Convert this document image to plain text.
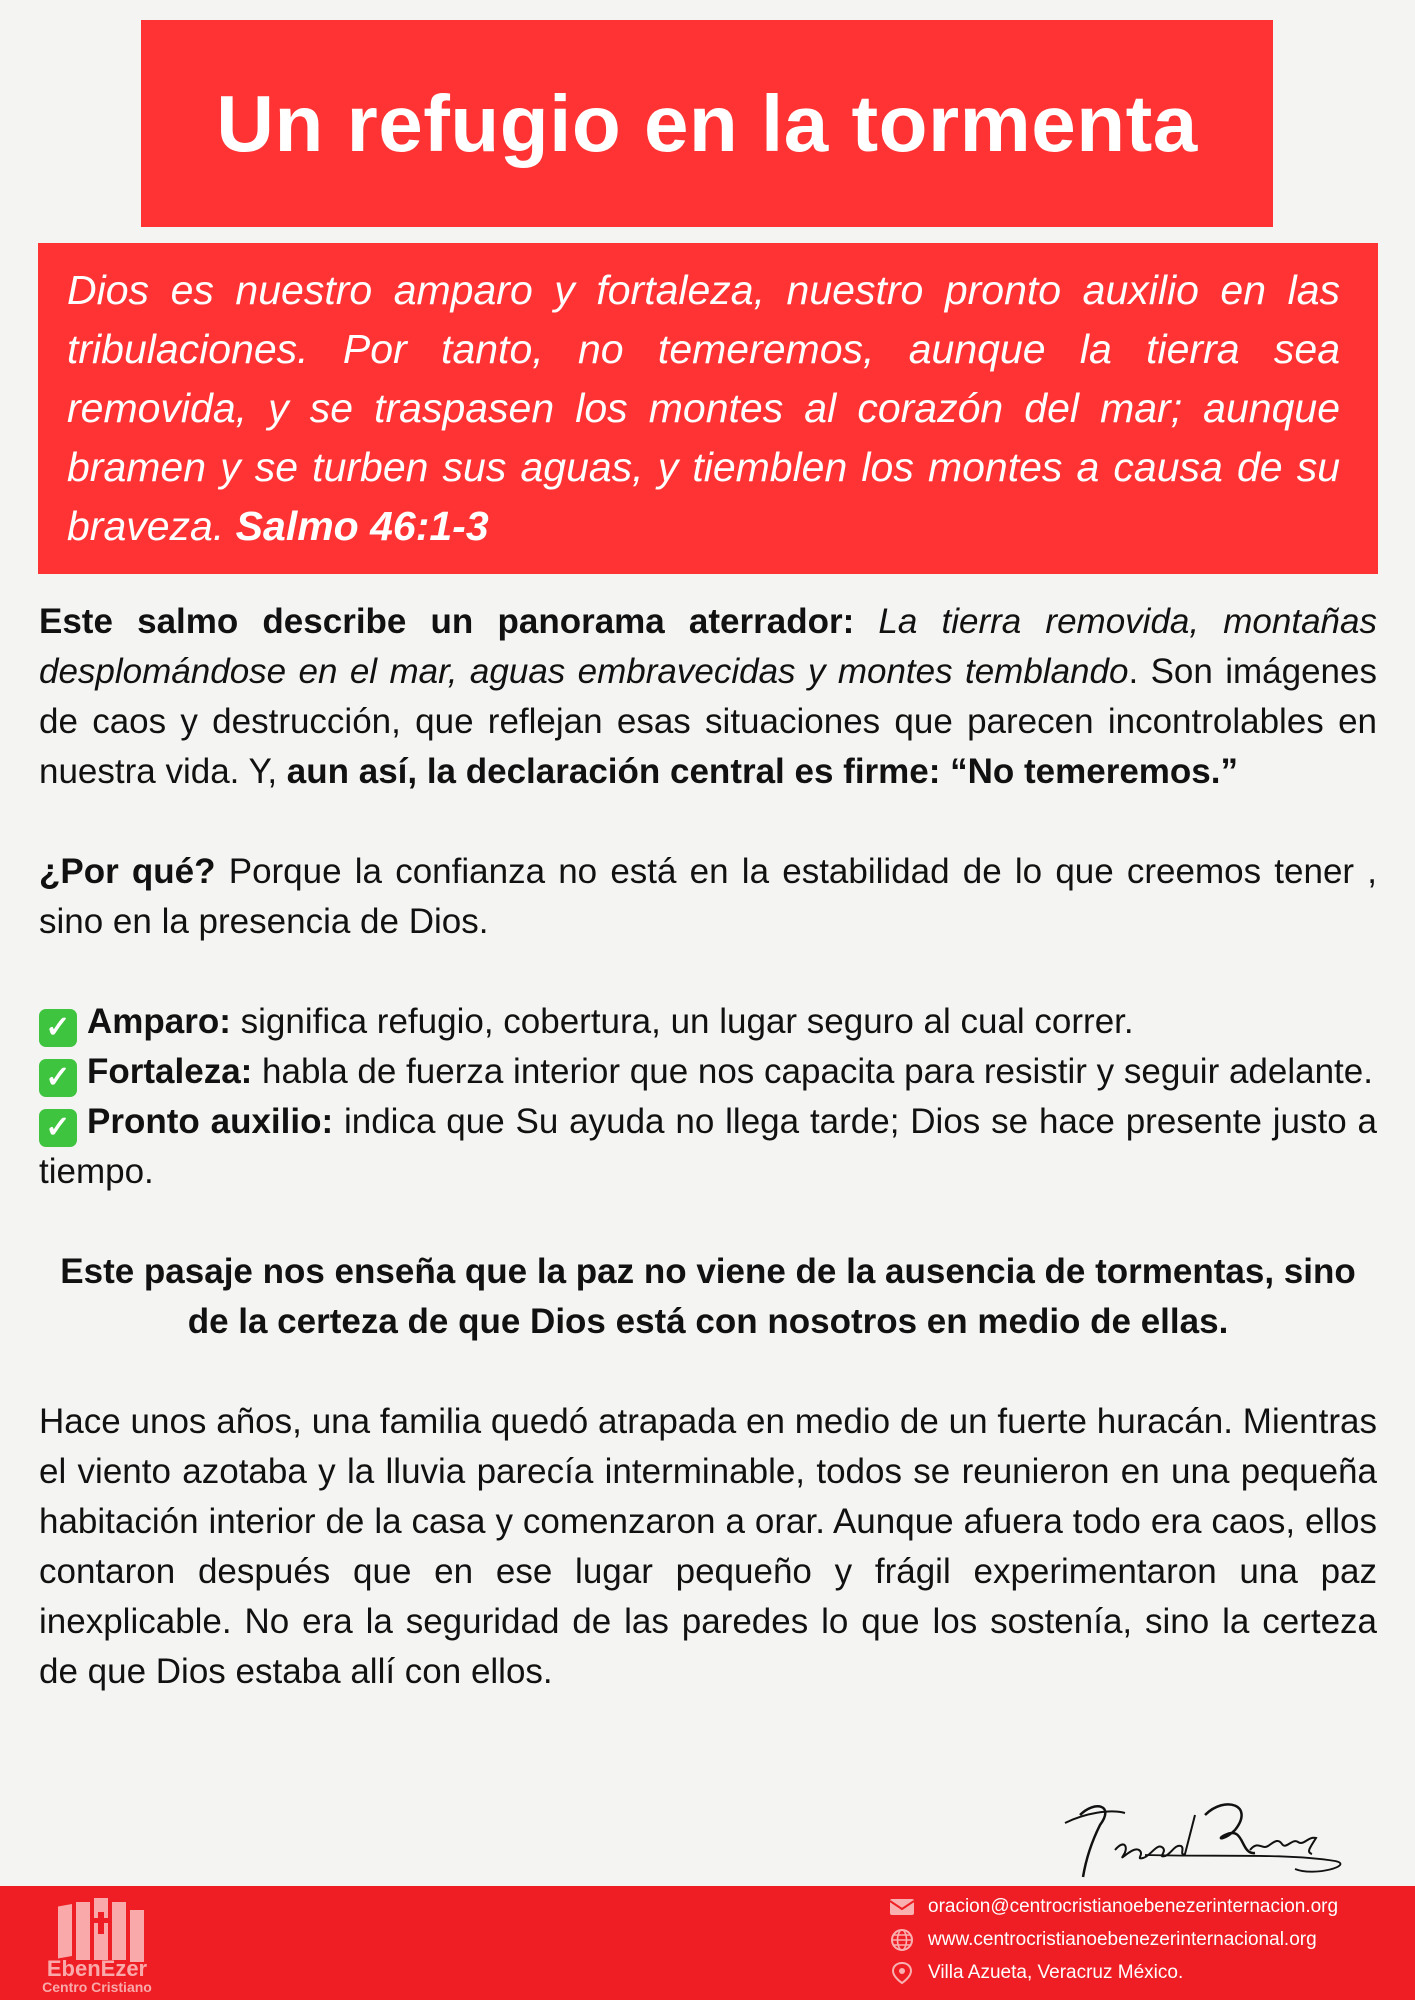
Un refugio en la tormenta

Dios es nuestro amparo y fortaleza, nuestro pronto auxilio en las tribulaciones. Por tanto, no temeremos, aunque la tierra sea removida, y se traspasen los montes al corazón del mar; aunque bramen y se turben sus aguas, y tiemblen los montes a causa de su braveza. Salmo 46:1-3

Este salmo describe un panorama aterrador: La tierra removida, montañas desplomándose en el mar, aguas embravecidas y montes temblando. Son imágenes de caos y destrucción, que reflejan esas situaciones que parecen incontrolables en nuestra vida. Y, aun así, la declaración central es firme: “No temeremos.”

¿Por qué? Porque la confianza no está en la estabilidad de lo que creemos tener , sino en la presencia de Dios.

✓ Amparo: significa refugio, cobertura, un lugar seguro al cual correr.

✓ Fortaleza: habla de fuerza interior que nos capacita para resistir y seguir adelante.

✓ Pronto auxilio: indica que Su ayuda no llega tarde; Dios se hace presente justo a tiempo.

Este pasaje nos enseña que la paz no viene de la ausencia de tormentas, sino de la certeza de que Dios está con nosotros en medio de ellas.

Hace unos años, una familia quedó atrapada en medio de un fuerte huracán. Mientras el viento azotaba y la lluvia parecía interminable, todos se reunieron en una pequeña habitación interior de la casa y comenzaron a orar. Aunque afuera todo era caos, ellos contaron después que en ese lugar pequeño y frágil experimentaron una paz inexplicable. No era la seguridad de las paredes lo que los sostenía, sino la certeza de que Dios estaba allí con ellos.

EbenEzer
Centro Cristiano
oracion@centrocristianoebenezerinternacion.org
www.centrocristianoebenezerinternacional.org
Villa Azueta, Veracruz México.
